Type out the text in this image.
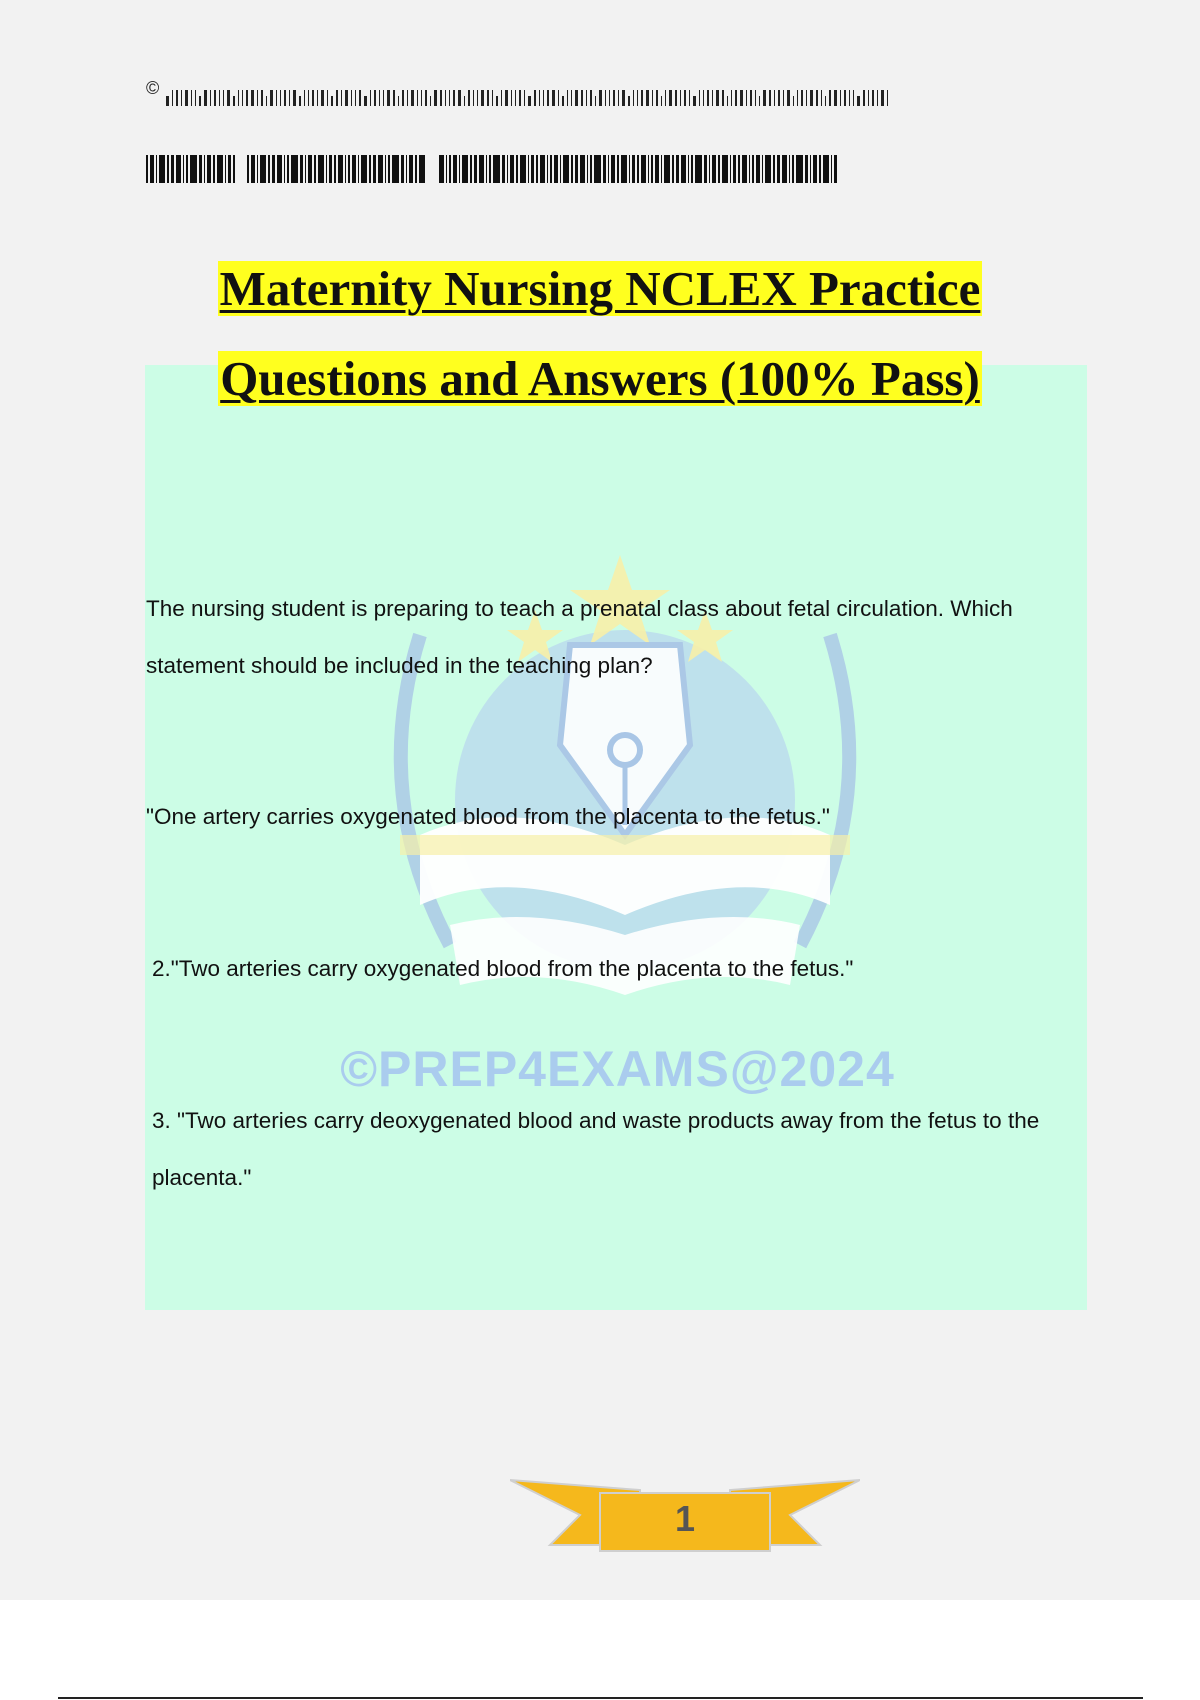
©
©PREP4EXAMS@2024
Maternity Nursing NCLEX Practice
Questions and Answers (100% Pass)
The nursing student is preparing to teach a prenatal class about fetal circulation. Which statement should be included in the teaching plan?
"One artery carries oxygenated blood from the placenta to the fetus."
2."Two arteries carry oxygenated blood from the placenta to the fetus."
3. "Two arteries carry deoxygenated blood and waste products away from the fetus to the placenta."
1
